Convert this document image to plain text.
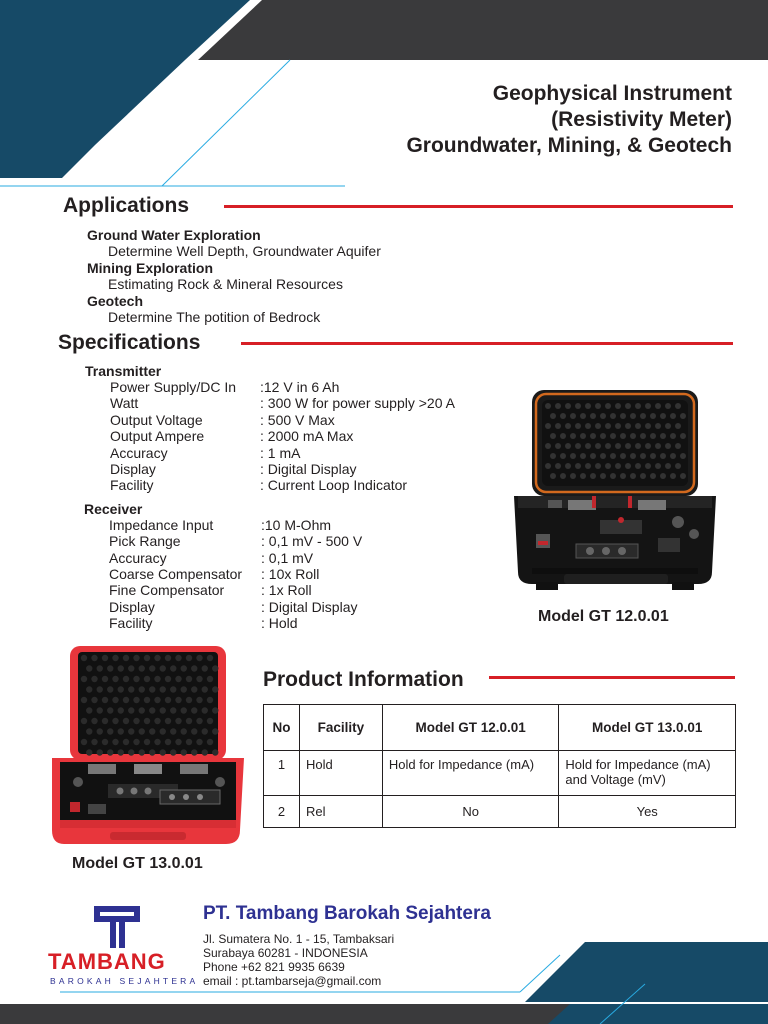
Geophysical Instrument
(Resistivity Meter)
Groundwater, Mining, & Geotech
Applications
Ground Water Exploration
Determine Well Depth, Groundwater Aquifer
Mining Exploration
Estimating Rock & Mineral Resources
Geotech
Determine The potition of Bedrock
Specifications
Transmitter
Power Supply/DC In :12 V in 6 Ah
Watt	: 300 W for power supply >20 A
Output Voltage	: 500 V Max
Output Ampere	: 2000 mA Max
Accuracy	: 1 mA
Display	: Digital Display
Facility	: Current Loop Indicator
Receiver
Impedance Input	:10 M-Ohm
Pick Range	: 0,1 mV - 500 V
Accuracy	: 0,1 mV
Coarse Compensator : 10x Roll
Fine Compensator	: 1x Roll
Display	: Digital Display
Facility	: Hold	Model GT 12.0.01
Model GT 13.0.01
Product Information
No	Facility	Model GT 12.0.01	Model GT 13.0.01
1	Hold	Hold for Impedance (mA)	Hold for Impedance (mA) and Voltage (mV)
2	Rel	No	Yes
TAMBANG
BAROKAH SEJAHTERA
PT. Tambang Barokah Sejahtera
Jl. Sumatera No. 1 - 15, Tambaksari
Surabaya 60281 - INDONESIA
Phone +62 821 9935 6639
email : pt.tambarseja@gmail.com
